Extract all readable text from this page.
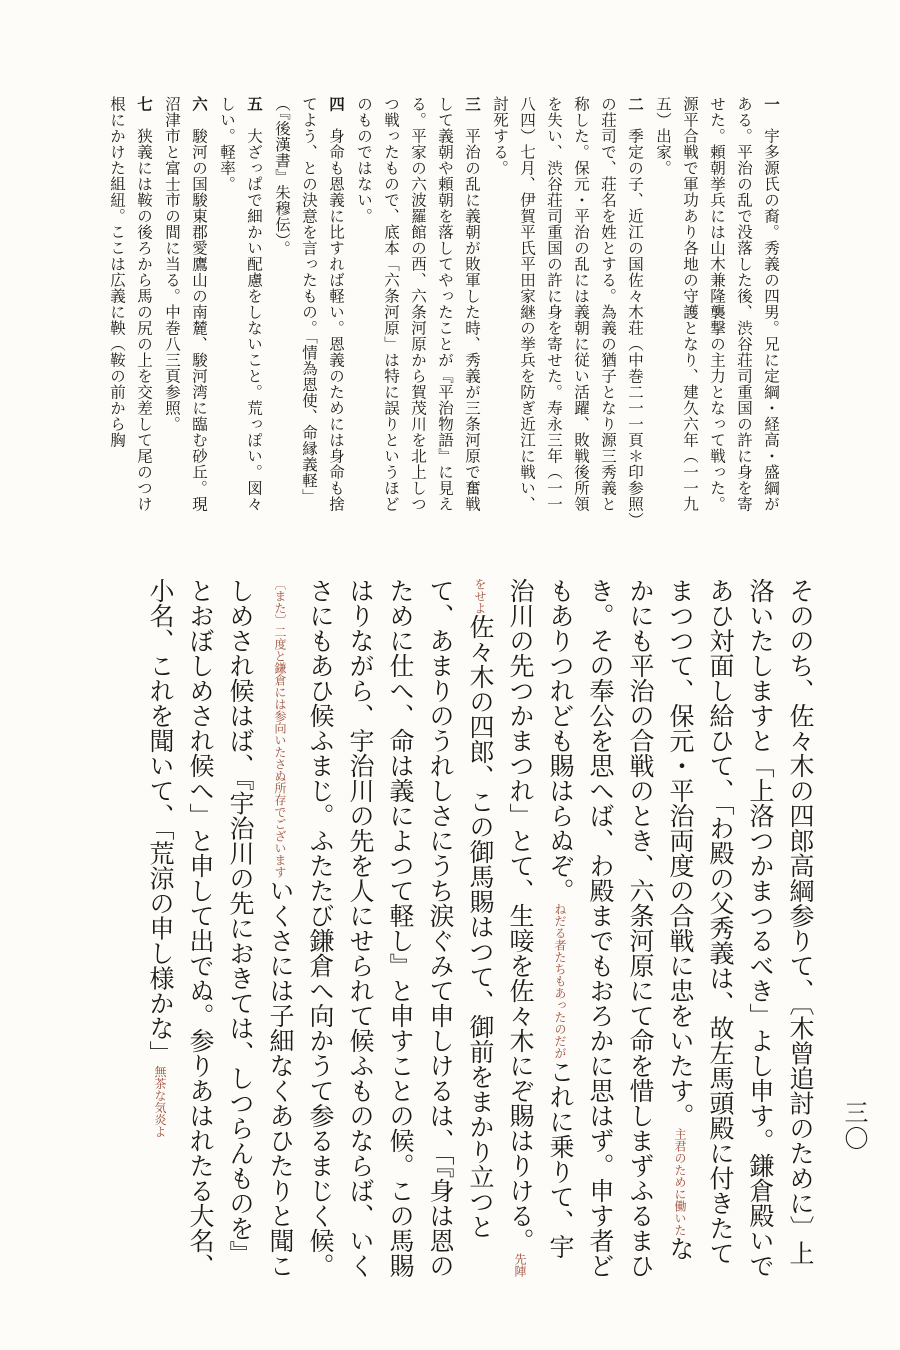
三〇

一　宇多源氏の裔。秀義の四男。兄に定綱・経高・盛綱がある。平治の乱で没落した後、渋谷荘司重国の許に身を寄せた。頼朝挙兵には山木兼隆襲撃の主力となって戦った。源平合戦で軍功あり各地の守護となり、建久六年（一一九五）出家。

二　季定の子、近江の国佐々木荘（中巻二一一頁＊印参照）の荘司で、荘名を姓とする。為義の猶子となり源三秀義と称した。保元・平治の乱には義朝に従い活躍、敗戦後所領を失い、渋谷荘司重国の許に身を寄せた。寿永三年（一一八四）七月、伊賀平氏平田家継の挙兵を防ぎ近江に戦い、討死する。

三　平治の乱に義朝が敗軍した時、秀義が三条河原で奮戦して義朝や頼朝を落してやったことが『平治物語』に見える。平家の六波羅館の西、六条河原から賀茂川を北上しつつ戦ったもので、底本「六条河原」は特に誤りというほどのものではない。

四　身命も恩義に比すれば軽い。恩義のためには身命も捨てよう、との決意を言ったもの。「情為恩使、命縁義軽」（『後漢書』朱穆伝）。

五　大ざっぱで細かい配慮をしないこと。荒っぽい。図々しい。軽率。

六　駿河の国駿東郡愛鷹山の南麓、駿河湾に臨む砂丘。現沼津市と富士市の間に当る。中巻八三頁参照。

七　狭義には鞍の後ろから馬の尻の上を交差して尾のつけ根にかけた組紐。ここは広義に鞅（鞍の前から胸

そののち、佐々木の四郎高綱参りて、〔木曾追討のために〕上洛いたしますと「上洛つかまつるべき」よし申す。鎌倉殿いであひ対面し給ひて、「わ殿の父秀義は、故左馬頭殿に付きたてまつつて、保元・平治両度の合戦に忠をいたす。主君のために働いたなかにも平治の合戦のとき、六条河原にて命を惜しまずふるまひき。その奉公を思へば、わ殿までもおろかに思はず。申す者どもありつれども賜はらぬぞ。ねだる者たちもあったのだがこれに乗りて、宇治川の先つかまつれ」とて、生唼を佐々木にぞ賜はりける。先陣をせよ佐々木の四郎、この御馬賜はつて、御前をまかり立つとて、あまりのうれしさにうち涙ぐみて申しけるは、「『身は恩のために仕へ、命は義によつて軽し』と申すことの候。この馬賜はりながら、宇治川の先を人にせられて候ふものならば、いくさにもあひ候ふまじ。ふたたび鎌倉へ向かうて参るまじく候。〔また〕二度と鎌倉には参向いたさぬ所存でございますいくさには子細なくあひたりと聞こしめされ候はば、『宇治川の先におきては、しつらんものを』とおぼしめされ候へ」と申して出でぬ。参りあはれたる大名、小名、これを聞いて、「荒涼の申し様かな」無茶な気炎よ
